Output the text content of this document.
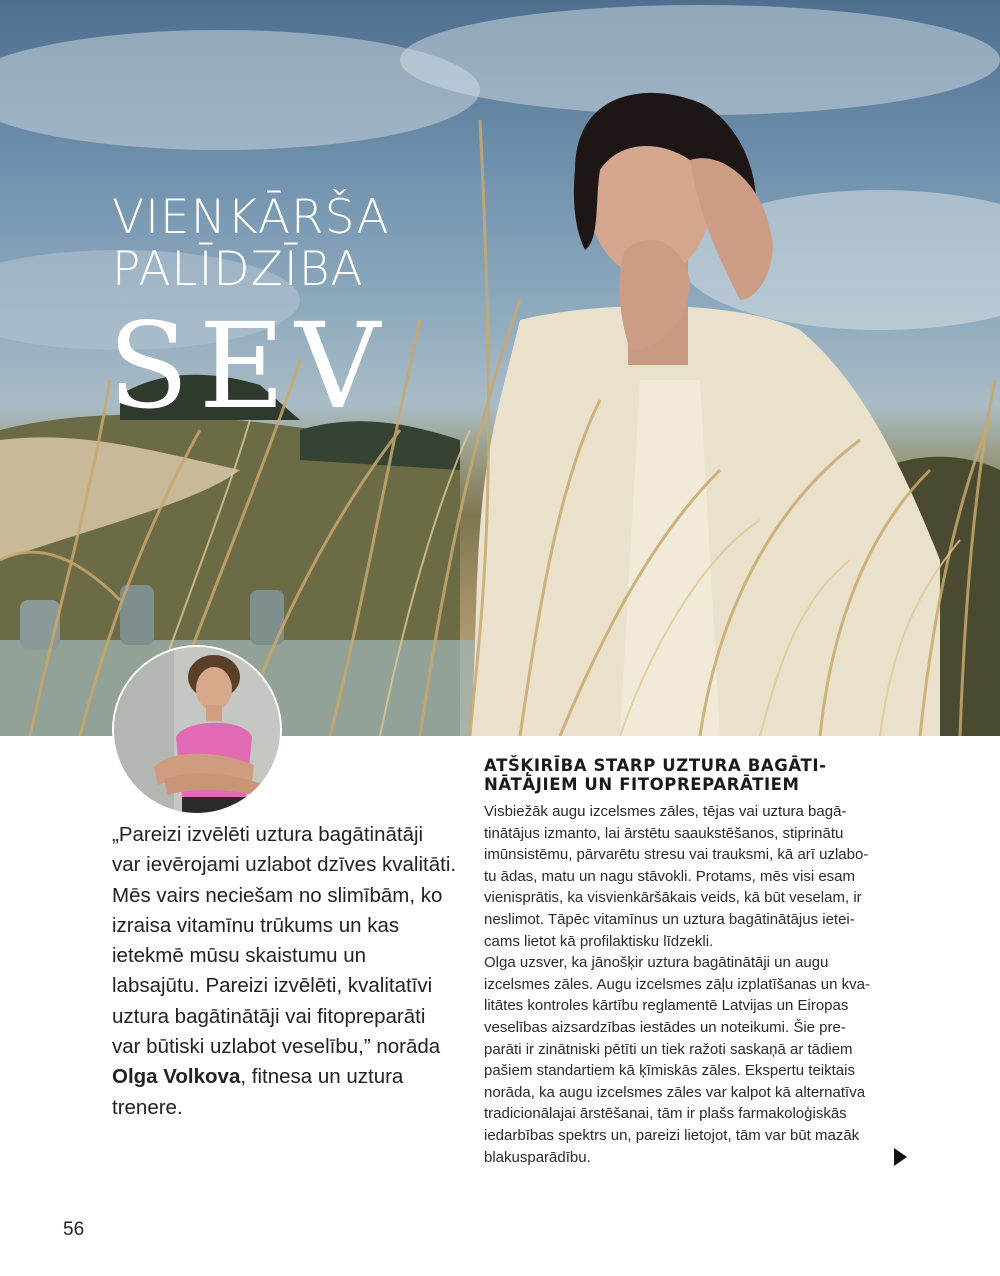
VIENKĀRŠA
PALĪDZĪBA
SEV
„Pareizi izvēlēti uztura bagātinātāji var ievērojami uzlabot dzīves kvalitāti. Mēs vairs neciešam no slimībām, ko izraisa vitamīnu trūkums un kas ietekmē mūsu skaistumu un labsajūtu. Pareizi izvēlēti, kvalitatīvi uztura bagātinātāji vai fitopreparāti var būtiski uzlabot veselību,” norāda Olga Volkova, fitnesa un uztura trenere.
ATŠĶIRĪBA STARP UZTURA BAGĀTI-
NĀTĀJIEM UN FITOPREPARĀTIEM
Visbiežāk augu izcelsmes zāles, tējas vai uztura bagā-
tinātājus izmanto, lai ārstētu saaukstēšanos, stiprinātu
imūnsistēmu, pārvarētu stresu vai trauksmi, kā arī uzlabo-
tu ādas, matu un nagu stāvokli. Protams, mēs visi esam
vienisprātis, ka visvienkāršākais veids, kā būt veselam, ir
neslimot. Tāpēc vitamīnus un uztura bagātinātājus ietei-
cams lietot kā profilaktisku līdzekli.
Olga uzsver, ka jānošķir uztura bagātinātāji un augu
izcelsmes zāles. Augu izcelsmes zāļu izplatīšanas un kva-
litātes kontroles kārtību reglamentē Latvijas un Eiropas
veselības aizsardzības iestādes un noteikumi. Šie pre-
parāti ir zinātniski pētīti un tiek ražoti saskaņā ar tādiem
pašiem standartiem kā ķīmiskās zāles. Ekspertu teiktais
norāda, ka augu izcelsmes zāles var kalpot kā alternatīva
tradicionālajai ārstēšanai, tām ir plašs farmakoloģiskās
iedarbības spektrs un, pareizi lietojot, tām var būt mazāk
blakusparādību.
56
